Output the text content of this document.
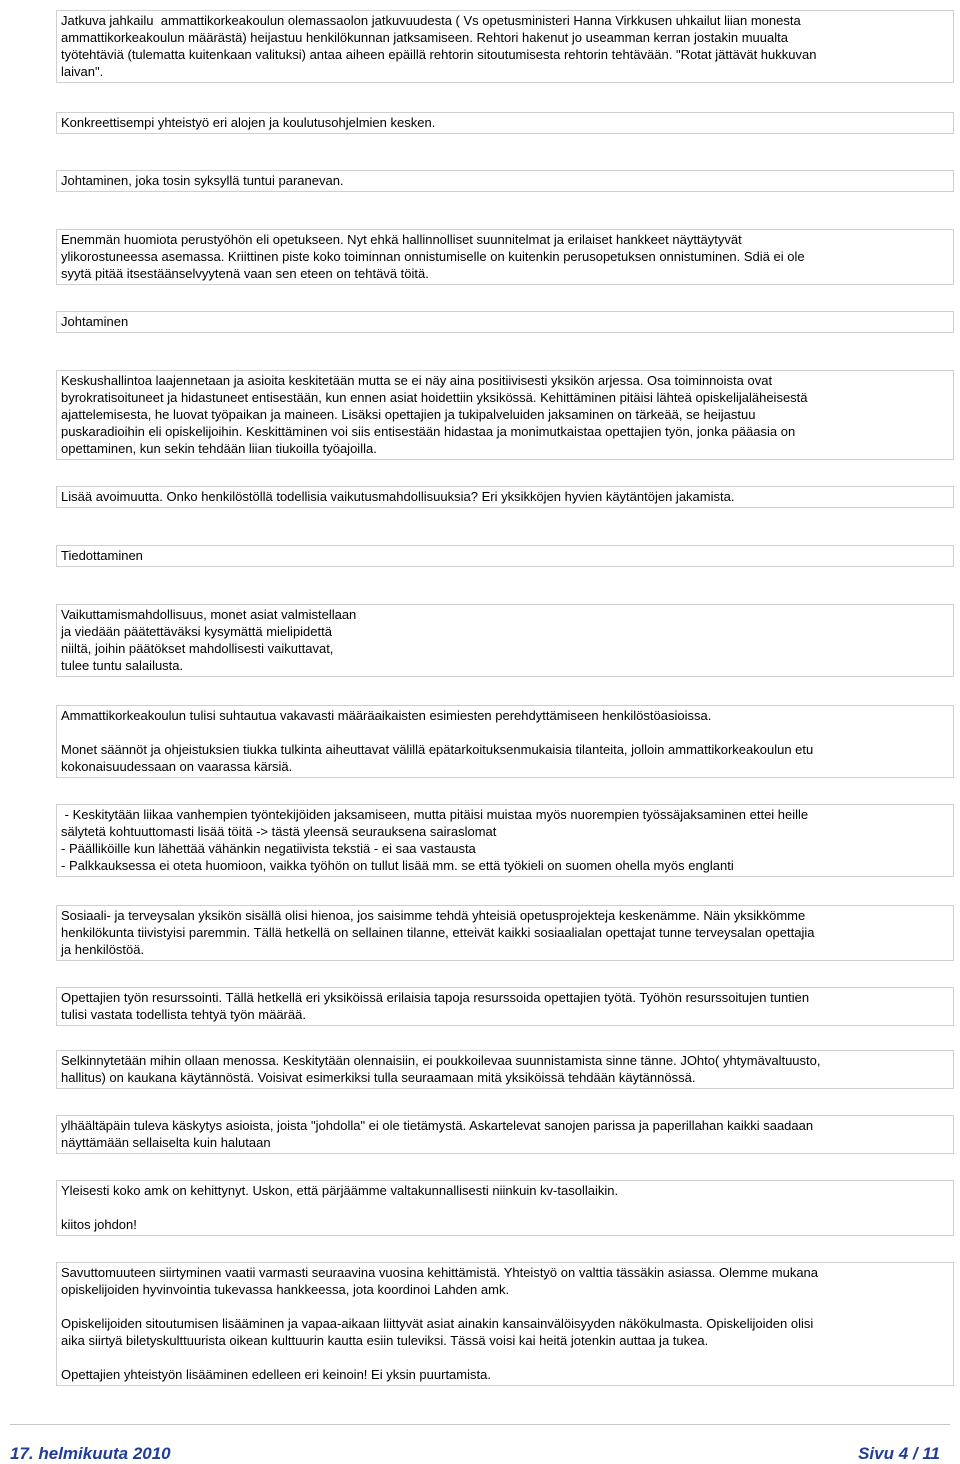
Jatkuva jahkailu  ammattikorkeakoulun olemassaolon jatkuvuudesta ( Vs opetusministeri Hanna Virkkusen uhkailut liian monesta
ammattikorkeakoulun määrästä) heijastuu henkilökunnan jatksamiseen. Rehtori hakenut jo useamman kerran jostakin muualta
työtehtäviä (tulematta kuitenkaan valituksi) antaa aiheen epäillä rehtorin sitoutumisesta rehtorin tehtävään. "Rotat jättävät hukkuvan
laivan".
Konkreettisempi yhteistyö eri alojen ja koulutusohjelmien kesken.
Johtaminen, joka tosin syksyllä tuntui paranevan.
Enemmän huomiota perustyöhön eli opetukseen. Nyt ehkä hallinnolliset suunnitelmat ja erilaiset hankkeet näyttäytyvät
ylikorostuneessa asemassa. Kriittinen piste koko toiminnan onnistumiselle on kuitenkin perusopetuksen onnistuminen. Sdiä ei ole
syytä pitää itsestäänselvyytenä vaan sen eteen on tehtävä töitä.
Johtaminen
Keskushallintoa laajennetaan ja asioita keskitetään mutta se ei näy aina positiivisesti yksikön arjessa. Osa toiminnoista ovat
byrokratisoituneet ja hidastuneet entisestään, kun ennen asiat hoidettiin yksikössä. Kehittäminen pitäisi lähteä opiskelijaläheisestä
ajattelemisesta, he luovat työpaikan ja maineen. Lisäksi opettajien ja tukipalveluiden jaksaminen on tärkeää, se heijastuu
puskaradioihin eli opiskelijoihin. Keskittäminen voi siis entisestään hidastaa ja monimutkaistaa opettajien työn, jonka pääasia on
opettaminen, kun sekin tehdään liian tiukoilla työajoilla.
Lisää avoimuutta. Onko henkilöstöllä todellisia vaikutusmahdollisuuksia? Eri yksikköjen hyvien käytäntöjen jakamista.
Tiedottaminen
Vaikuttamismahdollisuus, monet asiat valmistellaan
ja viedään päätettäväksi kysymättä mielipidettä
niiltä, joihin päätökset mahdollisesti vaikuttavat,
tulee tuntu salailusta.
Ammattikorkeakoulun tulisi suhtautua vakavasti määräaikaisten esimiesten perehdyttämiseen henkilöstöasioissa.
Monet säännöt ja ohjeistuksien tiukka tulkinta aiheuttavat välillä epätarkoituksenmukaisia tilanteita, jolloin ammattikorkeakoulun etu
kokonaisuudessaan on vaarassa kärsiä.
- Keskitytään liikaa vanhempien työntekijöiden jaksamiseen, mutta pitäisi muistaa myös nuorempien työssäjaksaminen ettei heille
sälytetä kohtuuttomasti lisää töitä -> tästä yleensä seurauksena sairaslomat
- Päälliköille kun lähettää vähänkin negatiivista tekstiä - ei saa vastausta
- Palkkauksessa ei oteta huomioon, vaikka työhön on tullut lisää mm. se että työkieli on suomen ohella myös englanti
Sosiaali- ja terveysalan yksikön sisällä olisi hienoa, jos saisimme tehdä yhteisiä opetusprojekteja keskenämme. Näin yksikkömme
henkilökunta tiivistyisi paremmin. Tällä hetkellä on sellainen tilanne, etteivät kaikki sosiaalialan opettajat tunne terveysalan opettajia
ja henkilöstöä.
Opettajien työn resurssointi. Tällä hetkellä eri yksiköissä erilaisia tapoja resurssoida opettajien työtä. Työhön resurssoitujen tuntien
tulisi vastata todellista tehtyä työn määrää.
Selkinnytetään mihin ollaan menossa. Keskitytään olennaisiin, ei poukkoilevaa suunnistamista sinne tänne. JOhto( yhtymävaltuusto,
hallitus) on kaukana käytännöstä. Voisivat esimerkiksi tulla seuraamaan mitä yksiköissä tehdään käytännössä.
ylhäältäpäin tuleva käskytys asioista, joista "johdolla" ei ole tietämystä. Askartelevat sanojen parissa ja paperillahan kaikki saadaan
näyttämään sellaiselta kuin halutaan
Yleisesti koko amk on kehittynyt. Uskon, että pärjäämme valtakunnallisesti niinkuin kv-tasollaikin.
kiitos johdon!
Savuttomuuteen siirtyminen vaatii varmasti seuraavina vuosina kehittämistä. Yhteistyö on valttia tässäkin asiassa. Olemme mukana
opiskelijoiden hyvinvointia tukevassa hankkeessa, jota koordinoi Lahden amk.
Opiskelijoiden sitoutumisen lisääminen ja vapaa-aikaan liittyvät asiat ainakin kansainvälöisyyden näkökulmasta. Opiskelijoiden olisi
aika siirtyä biletyskulttuurista oikean kulttuurin kautta esiin tuleviksi. Tässä voisi kai heitä jotenkin auttaa ja tukea.
Opettajien yhteistyön lisääminen edelleen eri keinoin! Ei yksin puurtamista.
17. helmikuuta 2010	Sivu 4 / 11
